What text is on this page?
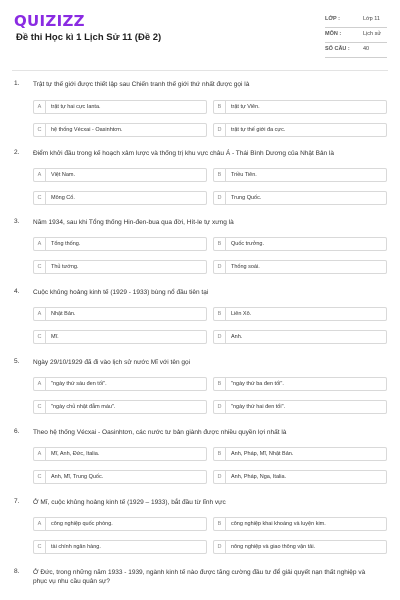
QUIZIZZ
Đề thi Học kì 1 Lịch Sử 11 (Đề 2)
LỚP :	Lớp 11
MÔN :	Lịch sử
SỐ CÂU : 40
1. Trật tự thế giới được thiết lập sau Chiến tranh thế giới thứ nhất được gọi là
A	trật tự hai cực Ianta.	B	trật tự Viên.
C	hệ thống Vécxai - Oasinhtơn.	D	trật tự thế giới đa cực.
2. Điểm khởi đầu trong kế hoạch xâm lược và thống trị khu vực châu Á - Thái Bình Dương của Nhật Bản là
A	Việt Nam.	B	Triều Tiên.
C	Mông Cổ.	D	Trung Quốc.
3. Năm 1934, sau khi Tổng thống Hin-đen-bua qua đời, Hít-le tự xưng là
A	Tổng thống.	B	Quốc trưởng.
C	Thủ tướng.	D	Thống soái.
4. Cuộc khủng hoảng kinh tế (1929 - 1933) bùng nổ đầu tiên tại
A	Nhật Bản.	B	Liên Xô.
C	Mĩ.	D	Anh.
5. Ngày 29/10/1929 đã đi vào lịch sử nước Mĩ với tên gọi
A	"ngày thứ sáu đen tối".	B	"ngày thứ ba đen tối".
C	"ngày chủ nhật đẫm máu".	D	"ngày thứ hai đen tối".
6. Theo hệ thống Vécxai - Oasinhtơn, các nước tư bản giành được nhiều quyền lợi nhất là
A	Mĩ, Anh, Đức, Italia.	B	Anh, Pháp, Mĩ, Nhật Bản.
C	Anh, Mĩ, Trung Quốc.	D	Anh, Pháp, Nga, Italia.
7. Ở Mĩ, cuộc khủng hoảng kinh tế (1929 – 1933), bắt đầu từ lĩnh vực
A	công nghiệp quốc phòng.	B	công nghiệp khai khoáng và luyện kim.
C	tài chính ngân hàng.	D	nông nghiệp và giao thông vận tải.
8. Ở Đức, trong những năm 1933 - 1939, ngành kinh tế nào được tăng cường đầu tư để giải quyết nạn thất nghiệp và phục vụ nhu cầu quân sự?
